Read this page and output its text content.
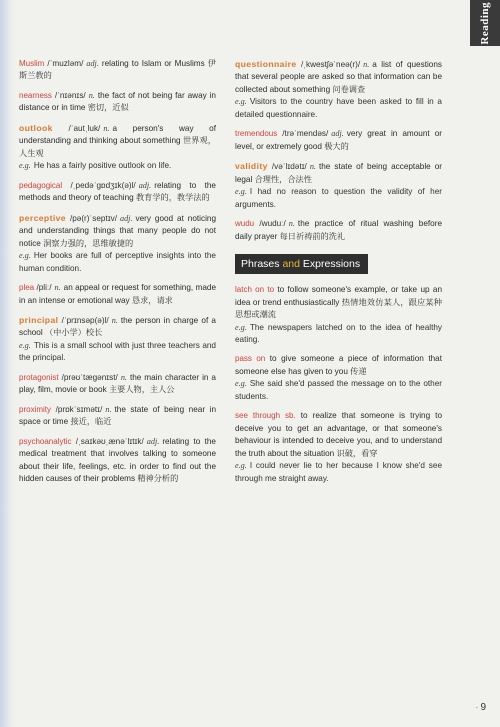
Reading
Muslim /ˈmuzləm/ adj. relating to Islam or Muslims 伊斯兰教的
nearness /ˈnɪənɪs/ n. the fact of not being far away in distance or in time 密切，近似
outlook /ˈautˌluk/ n. a person's way of understanding and thinking about something 世界观，人生观
e.g. He has a fairly positive outlook on life.
pedagogical /ˌpedəˈgɒdʒɪk(ə)l/ adj. relating to the methods and theory of teaching 教育学的，教学法的
perceptive /pə(r)ˈseptɪv/ adj. very good at noticing and understanding things that many people do not notice 洞察力强的，思维敏捷的
e.g. Her books are full of perceptive insights into the human condition.
plea /pliː/ n. an appeal or request for something, made in an intense or emotional way 恳求，请求
principal /ˈprɪnsəp(ə)l/ n. the person in charge of a school （中小学）校长
e.g. This is a small school with just three teachers and the principal.
protagonist /prəʊˈtægənɪst/ n. the main character in a play, film, movie or book 主要人物，主人公
proximity /prɒkˈsɪmətɪ/ n. the state of being near in space or time 接近，临近
psychoanalytic /ˌsaɪkəʊˌænəˈlɪtɪk/ adj. relating to the medical treatment that involves talking to someone about their life, feelings, etc. in order to find out the hidden causes of their problems 精神分析的
questionnaire /ˌkwestʃəˈneə(r)/ n. a list of questions that several people are asked so that information can be collected about something 问卷调查
e.g. Visitors to the country have been asked to fill in a detailed questionnaire.
tremendous /trəˈmendəs/ adj. very great in amount or level, or extremely good 极大的
validity /vəˈlɪdətɪ/ n. the state of being acceptable or legal 合理性，合法性
e.g. I had no reason to question the validity of her arguments.
wudu /wuduː/ n. the practice of ritual washing before daily prayer 每日祈祷前的洗礼
Phrases and Expressions
latch on to to follow someone's example, or take up an idea or trend enthusiastically 热情地效仿某人，跟应某种思想或潮流
e.g. The newspapers latched on to the idea of healthy eating.
pass on to give someone a piece of information that someone else has given to you 传递
e.g. She said she'd passed the message on to the other students.
see through sb. to realize that someone is trying to deceive you to get an advantage, or that someone's behaviour is intended to deceive you, and to understand the truth about the situation 识破，看穿
e.g. I could never lie to her because I know she'd see through me straight away.
· 9
